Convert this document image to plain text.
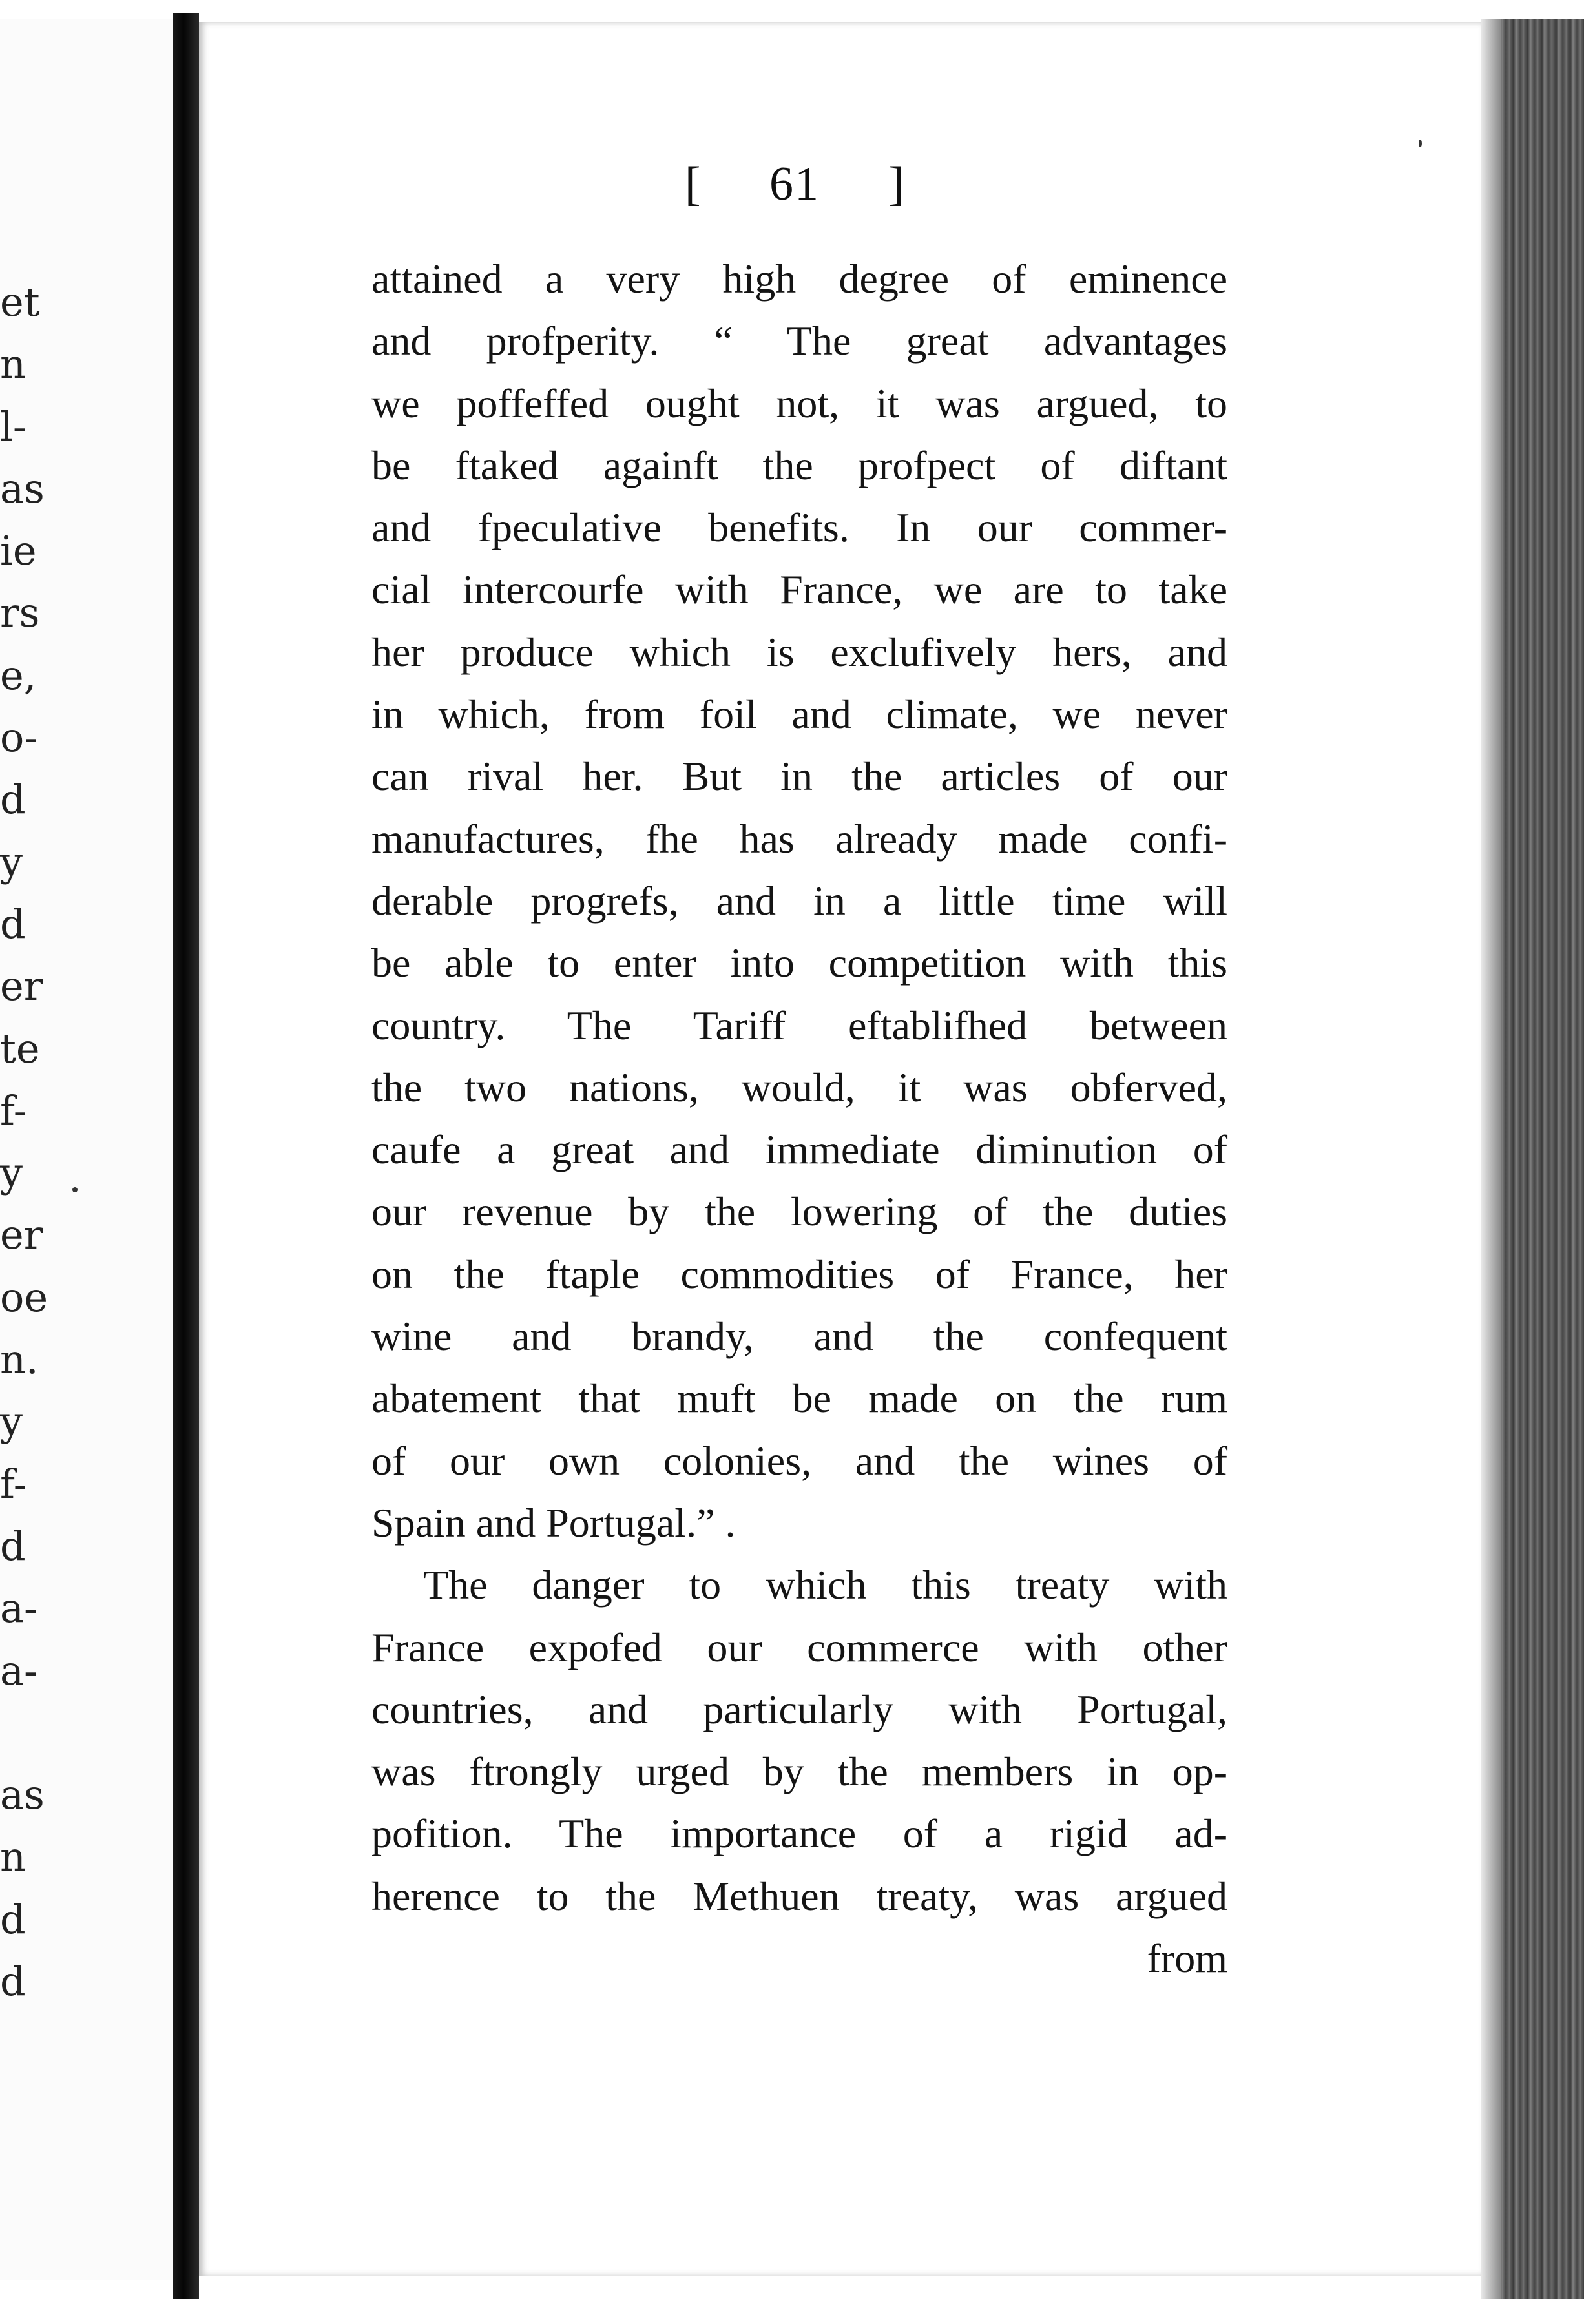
et
n
l-
as
ie
rs
e,
o-
d
y
d
er
te
f-
y
er
oe
n.
y
f-
d
a-
a-
as
n
d
d
[ 61 ]
attained a very high degree of eminence
and profperity. “ The great advantages
we poffeffed ought not, it was argued, to
be ftaked againft the profpect of diftant
and fpeculative benefits. In our commer-
cial intercourfe with France, we are to take
her produce which is exclufively hers, and
in which, from foil and climate, we never
can rival her. But in the articles of our
manufactures, fhe has already made confi-
derable progrefs, and in a little time will
be able to enter into competition with this
country. The Tariff eftablifhed between
the two nations, would, it was obferved,
caufe a great and immediate diminution of
our revenue by the lowering of the duties
on the ftaple commodities of France, her
wine and brandy, and the confequent
abatement that muft be made on the rum
of our own colonies, and the wines of
Spain and Portugal.” .
The danger to which this treaty with
France expofed our commerce with other
countries, and particularly with Portugal,
was ftrongly urged by the members in op-
pofition. The importance of a rigid ad-
herence to the Methuen treaty, was argued
from
